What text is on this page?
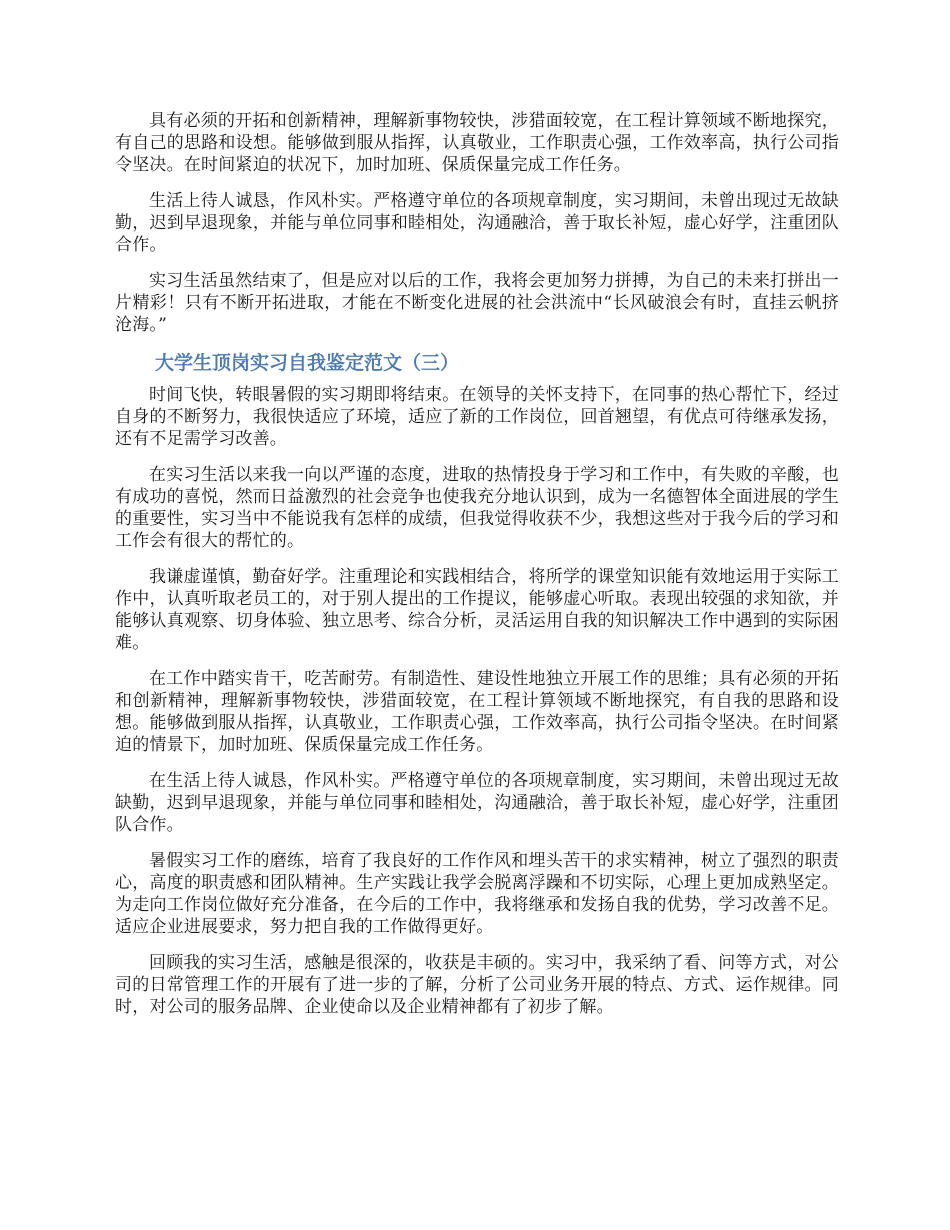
具有必须的开拓和创新精神，理解新事物较快，涉猎面较宽，在工程计算领域不断地探究，有自己的思路和设想。能够做到服从指挥，认真敬业，工作职责心强，工作效率高，执行公司指令坚决。在时间紧迫的状况下，加时加班、保质保量完成工作任务。

生活上待人诚恳，作风朴实。严格遵守单位的各项规章制度，实习期间，未曾出现过无故缺勤，迟到早退现象，并能与单位同事和睦相处，沟通融洽，善于取长补短，虚心好学，注重团队合作。

实习生活虽然结束了，但是应对以后的工作，我将会更加努力拼搏，为自己的未来打拼出一片精彩！只有不断开拓进取，才能在不断变化进展的社会洪流中“长风破浪会有时，直挂云帆挤沧海。”

大学生顶岗实习自我鉴定范文（三）

时间飞快，转眼暑假的实习期即将结束。在领导的关怀支持下，在同事的热心帮忙下，经过自身的不断努力，我很快适应了环境，适应了新的工作岗位，回首翘望，有优点可待继承发扬，还有不足需学习改善。

在实习生活以来我一向以严谨的态度，进取的热情投身于学习和工作中，有失败的辛酸，也有成功的喜悦，然而日益激烈的社会竞争也使我充分地认识到，成为一名德智体全面进展的学生的重要性，实习当中不能说我有怎样的成绩，但我觉得收获不少，我想这些对于我今后的学习和工作会有很大的帮忙的。

我谦虚谨慎，勤奋好学。注重理论和实践相结合，将所学的课堂知识能有效地运用于实际工作中，认真听取老员工的，对于别人提出的工作提议，能够虚心听取。表现出较强的求知欲，并能够认真观察、切身体验、独立思考、综合分析，灵活运用自我的知识解决工作中遇到的实际困难。

在工作中踏实肯干，吃苦耐劳。有制造性、建设性地独立开展工作的思维；具有必须的开拓和创新精神，理解新事物较快，涉猎面较宽，在工程计算领域不断地探究，有自我的思路和设想。能够做到服从指挥，认真敬业，工作职责心强，工作效率高，执行公司指令坚决。在时间紧迫的情景下，加时加班、保质保量完成工作任务。

在生活上待人诚恳，作风朴实。严格遵守单位的各项规章制度，实习期间，未曾出现过无故缺勤，迟到早退现象，并能与单位同事和睦相处，沟通融洽，善于取长补短，虚心好学，注重团队合作。

暑假实习工作的磨练，培育了我良好的工作作风和埋头苦干的求实精神，树立了强烈的职责心，高度的职责感和团队精神。生产实践让我学会脱离浮躁和不切实际，心理上更加成熟坚定。为走向工作岗位做好充分准备，在今后的工作中，我将继承和发扬自我的优势，学习改善不足。适应企业进展要求，努力把自我的工作做得更好。

回顾我的实习生活，感触是很深的，收获是丰硕的。实习中，我采纳了看、问等方式，对公司的日常管理工作的开展有了进一步的了解，分析了公司业务开展的特点、方式、运作规律。同时，对公司的服务品牌、企业使命以及企业精神都有了初步了解。
